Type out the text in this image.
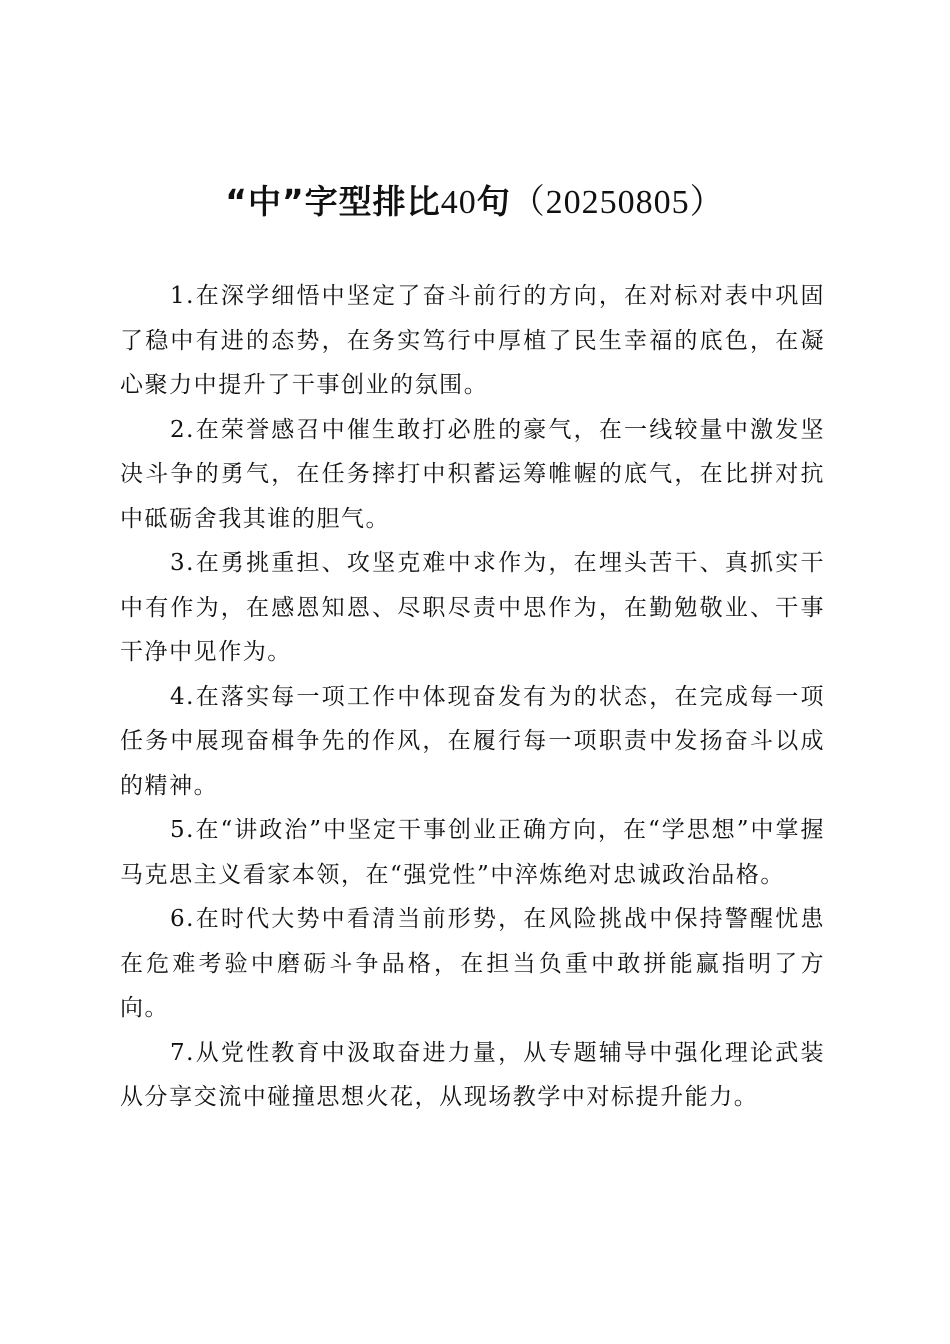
“中”字型排比40句（20250805）

1.在深学细悟中坚定了奋斗前行的方向，在对标对表中巩固了稳中有进的态势，在务实笃行中厚植了民生幸福的底色，在凝心聚力中提升了干事创业的氛围。

2.在荣誉感召中催生敢打必胜的豪气，在一线较量中激发坚决斗争的勇气，在任务摔打中积蓄运筹帷幄的底气，在比拼对抗中砥砺舍我其谁的胆气。

3.在勇挑重担、攻坚克难中求作为，在埋头苦干、真抓实干中有作为，在感恩知恩、尽职尽责中思作为，在勤勉敬业、干事干净中见作为。

4.在落实每一项工作中体现奋发有为的状态，在完成每一项任务中展现奋楫争先的作风，在履行每一项职责中发扬奋斗以成的精神。

5.在“讲政治”中坚定干事创业正确方向，在“学思想”中掌握马克思主义看家本领，在“强党性”中淬炼绝对忠诚政治品格。

6.在时代大势中看清当前形势，在风险挑战中保持警醒忧患在危难考验中磨砺斗争品格，在担当负重中敢拼能赢指明了方向。

7.从党性教育中汲取奋进力量，从专题辅导中强化理论武装从分享交流中碰撞思想火花，从现场教学中对标提升能力。
